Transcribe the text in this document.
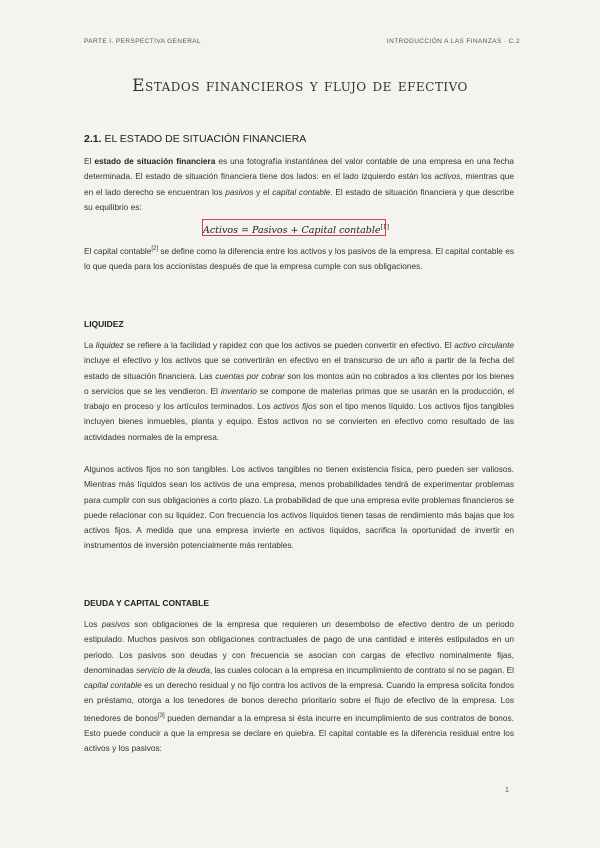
PARTE I. PERSPECTIVA GENERAL	INTRODUCCIÓN A LAS FINANZAS · C.2
Estados financieros y flujo de efectivo
2.1. EL ESTADO DE SITUACIÓN FINANCIERA

El estado de situación financiera es una fotografía instantánea del valor contable de una empresa en una fecha determinada. El estado de situación financiera tiene dos lados: en el lado izquierdo están los activos, mientras que en el lado derecho se encuentran los pasivos y el capital contable. El estado de situación financiera y que describe su equilibrio es:

Activos = Pasivos + Capital contable[1]

El capital contable[2] se define como la diferencia entre los activos y los pasivos de la empresa. El capital contable es lo que queda para los accionistas después de que la empresa cumple con sus obligaciones.

LIQUIDEZ

La liquidez se refiere a la facilidad y rapidez con que los activos se pueden convertir en efectivo. El activo circulante incluye el efectivo y los activos que se convertirán en efectivo en el transcurso de un año a partir de la fecha del estado de situación financiera. Las cuentas por cobrar son los montos aún no cobrados a los clientes por los bienes o servicios que se les vendieron. El inventario se compone de materias primas que se usarán en la producción, el trabajo en proceso y los artículos terminados. Los activos fijos son el tipo menos líquido. Los activos fijos tangibles incluyen bienes inmuebles, planta y equipo. Estos activos no se convierten en efectivo como resultado de las actividades normales de la empresa.

Algunos activos fijos no son tangibles. Los activos tangibles no tienen existencia física, pero pueden ser valiosos. Mientras más líquidos sean los activos de una empresa, menos probabilidades tendrá de experimentar problemas para cumplir con sus obligaciones a corto plazo. La probabilidad de que una empresa evite problemas financieros se puede relacionar con su liquidez. Con frecuencia los activos líquidos tienen tasas de rendimiento más bajas que los activos fijos. A medida que una empresa invierte en activos líquidos, sacrifica la oportunidad de invertir en instrumentos de inversión potencialmente más rentables.

DEUDA Y CAPITAL CONTABLE

Los pasivos son obligaciones de la empresa que requieren un desembolso de efectivo dentro de un periodo estipulado. Muchos pasivos son obligaciones contractuales de pago de una cantidad e interés estipulados en un periodo. Los pasivos son deudas y con frecuencia se asocian con cargas de efectivo nominalmente fijas, denominadas servicio de la deuda, las cuales colocan a la empresa en incumplimiento de contrato si no se pagan. El capital contable es un derecho residual y no fijo contra los activos de la empresa. Cuando la empresa solicita fondos en préstamo, otorga a los tenedores de bonos derecho prioritario sobre el flujo de efectivo de la empresa. Los tenedores de bonos[3] pueden demandar a la empresa si ésta incurre en incumplimiento de sus contratos de bonos. Esto puede conducir a que la empresa se declare en quiebra. El capital contable es la diferencia residual entre los activos y los pasivos:

1
